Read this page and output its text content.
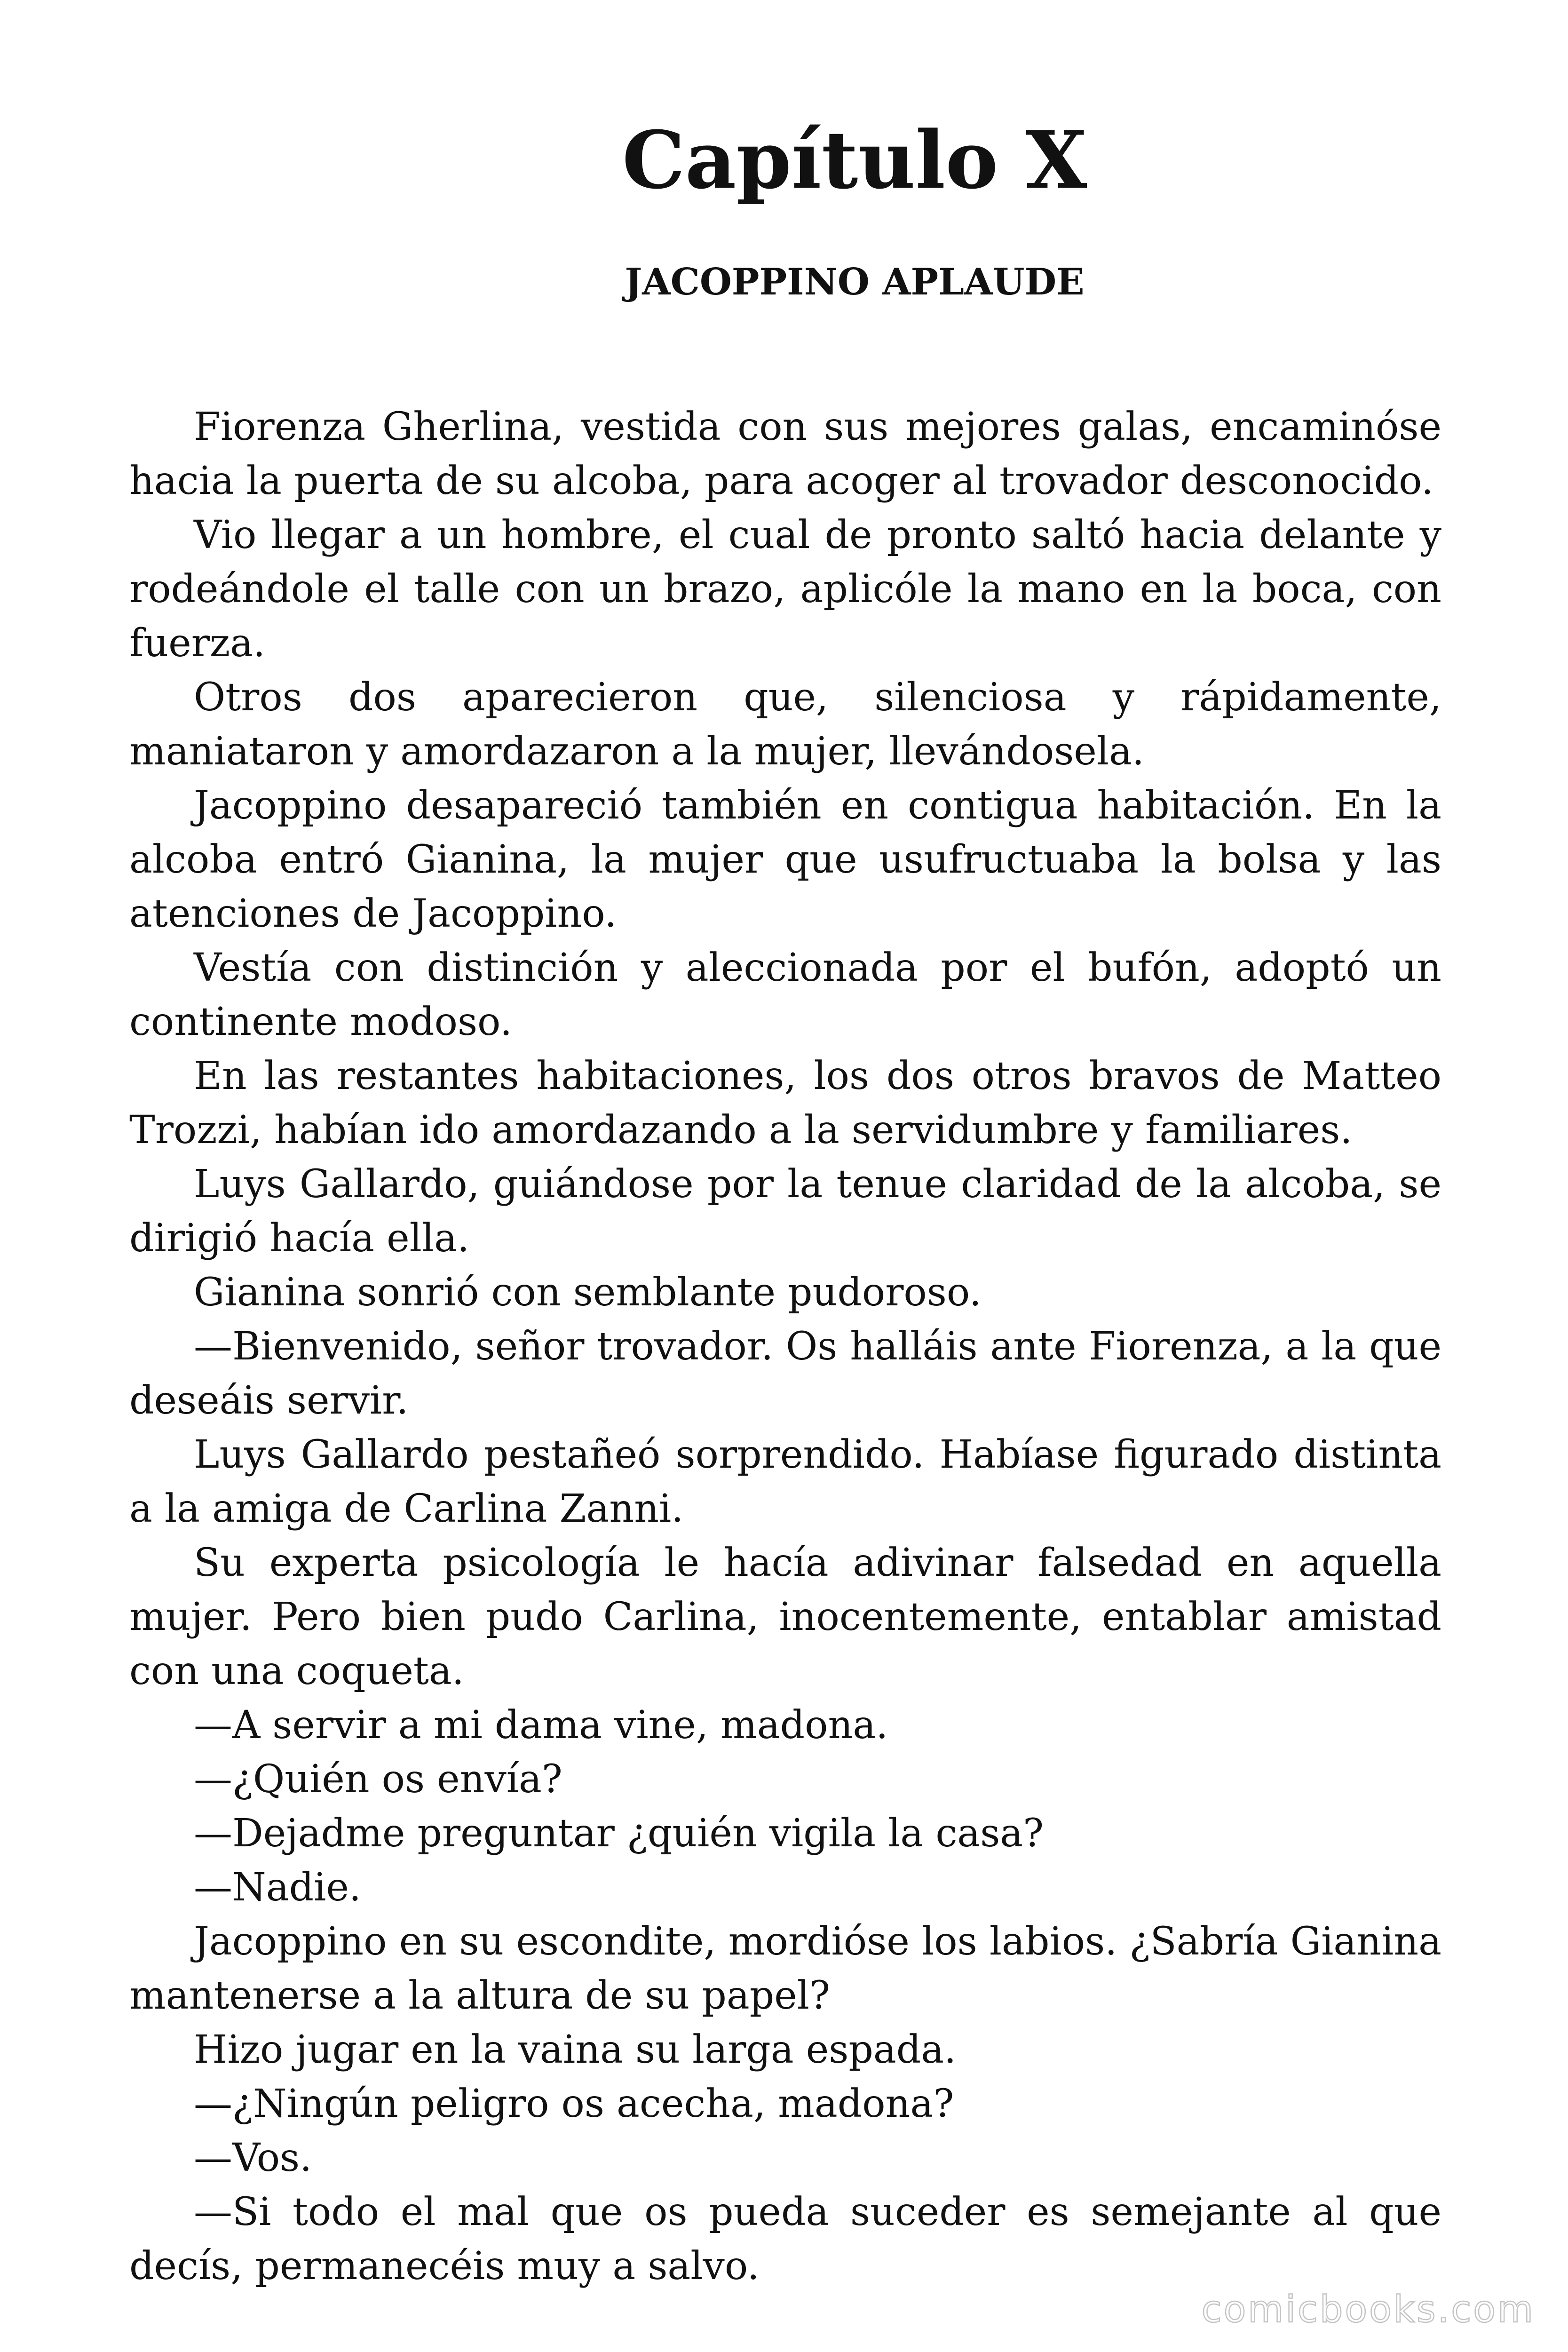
Capítulo X
JACOPPINO APLAUDE

Fiorenza Gherlina, vestida con sus mejores galas, encaminóse hacia la puerta de su alcoba, para acoger al trovador desconocido.

Vio llegar a un hombre, el cual de pronto saltó hacia delante y rodeándole el talle con un brazo, aplicóle la mano en la boca, con fuerza.

Otros dos aparecieron que, silenciosa y rápidamente, maniataron y amordazaron a la mujer, llevándosela.

Jacoppino desapareció también en contigua habitación. En la alcoba entró Gianina, la mujer que usufructuaba la bolsa y las atenciones de Jacoppino.

Vestía con distinción y aleccionada por el bufón, adoptó un continente modoso.

En las restantes habitaciones, los dos otros bravos de Matteo Trozzi, habían ido amordazando a la servidumbre y familiares.

Luys Gallardo, guiándose por la tenue claridad de la alcoba, se dirigió hacía ella.

Gianina sonrió con semblante pudoroso.

—Bienvenido, señor trovador. Os halláis ante Fiorenza, a la que deseáis servir.

Luys Gallardo pestañeó sorprendido. Habíase figurado distinta a la amiga de Carlina Zanni.

Su experta psicología le hacía adivinar falsedad en aquella mujer. Pero bien pudo Carlina, inocentemente, entablar amistad con una coqueta.

—A servir a mi dama vine, madona.

—¿Quién os envía?

—Dejadme preguntar ¿quién vigila la casa?

—Nadie.

Jacoppino en su escondite, mordióse los labios. ¿Sabría Gianina mantenerse a la altura de su papel?

Hizo jugar en la vaina su larga espada.

—¿Ningún peligro os acecha, madona?

—Vos.

—Si todo el mal que os pueda suceder es semejante al que decís, permanecéis muy a salvo.

comicbooks.com
